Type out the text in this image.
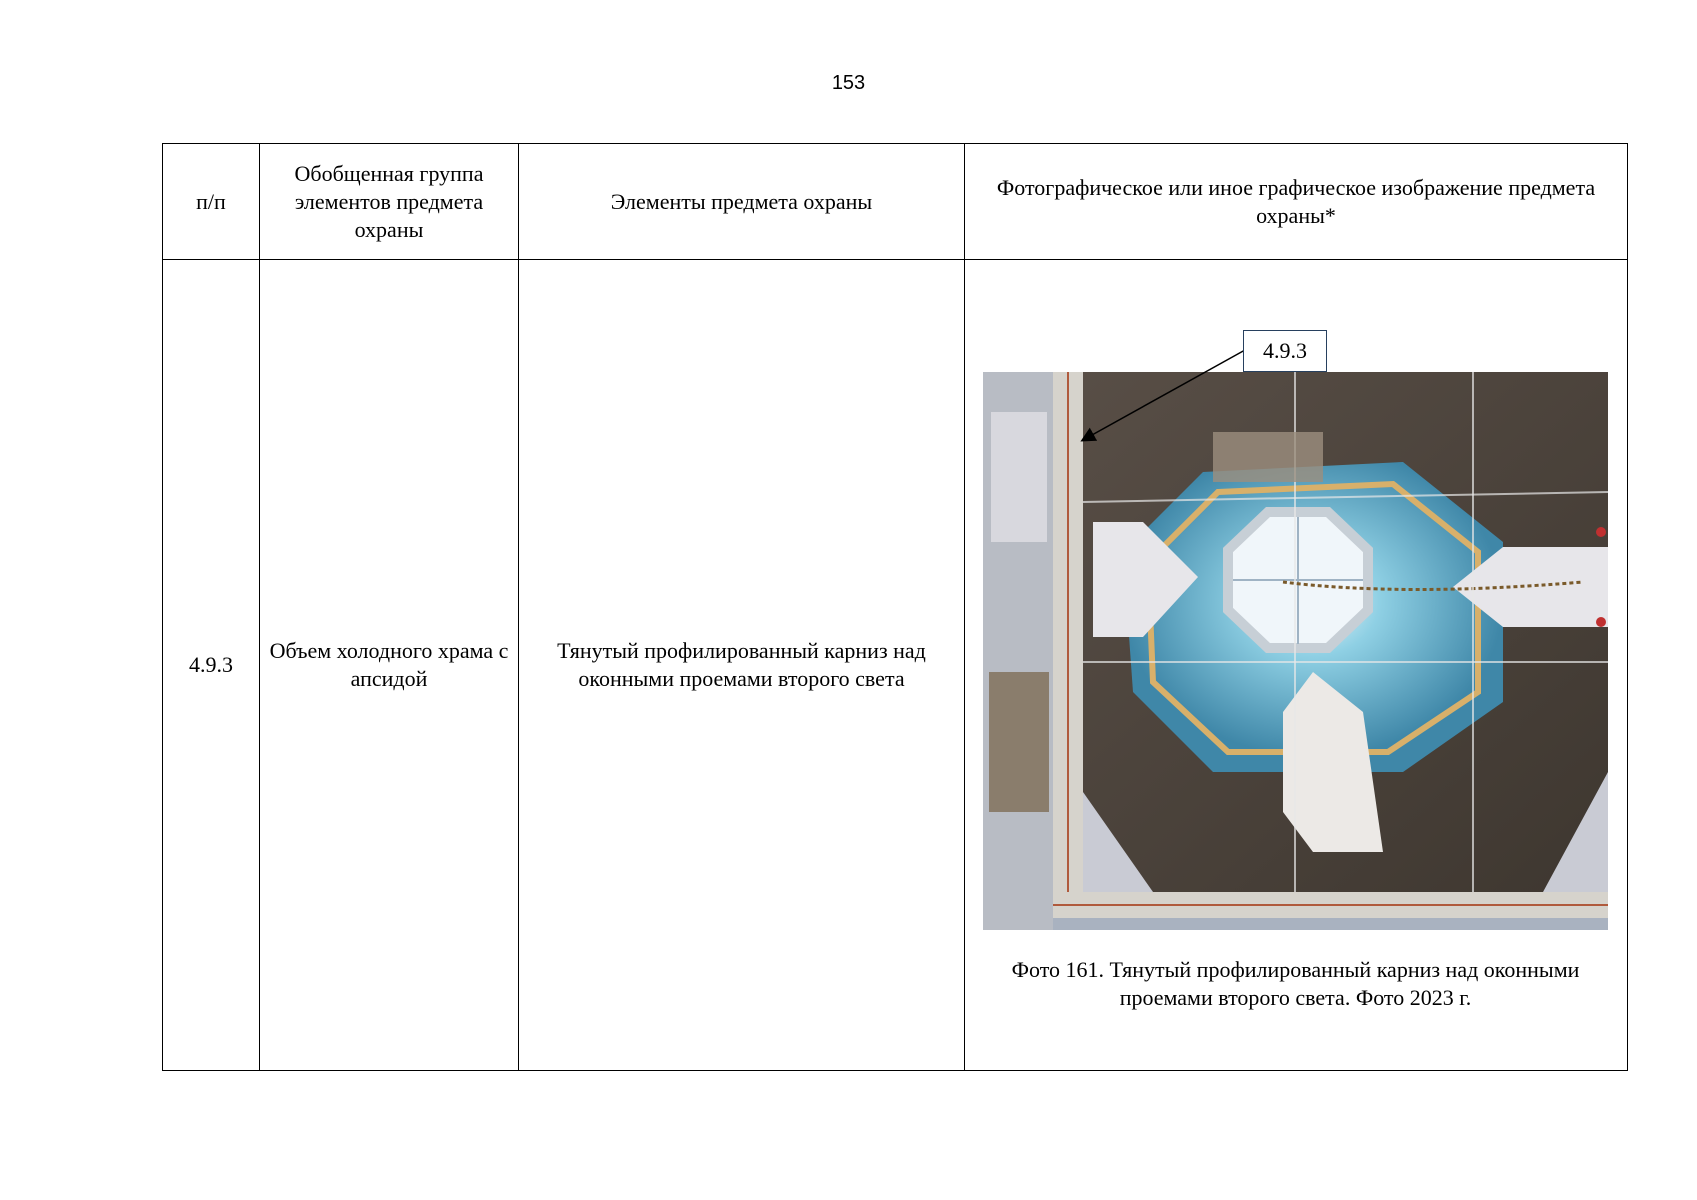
153
п/п	Обобщенная группа элементов предмета охраны	Элементы предмета охраны	Фотографическое или иное графическое изображение предмета охраны*
4.9.3	Объем холодного храма с апсидой	Тянутый профилированный карниз над оконными проемами второго света	4.9.3
Фото 161. Тянутый профилированный карниз над оконными проемами второго света. Фото 2023 г.
